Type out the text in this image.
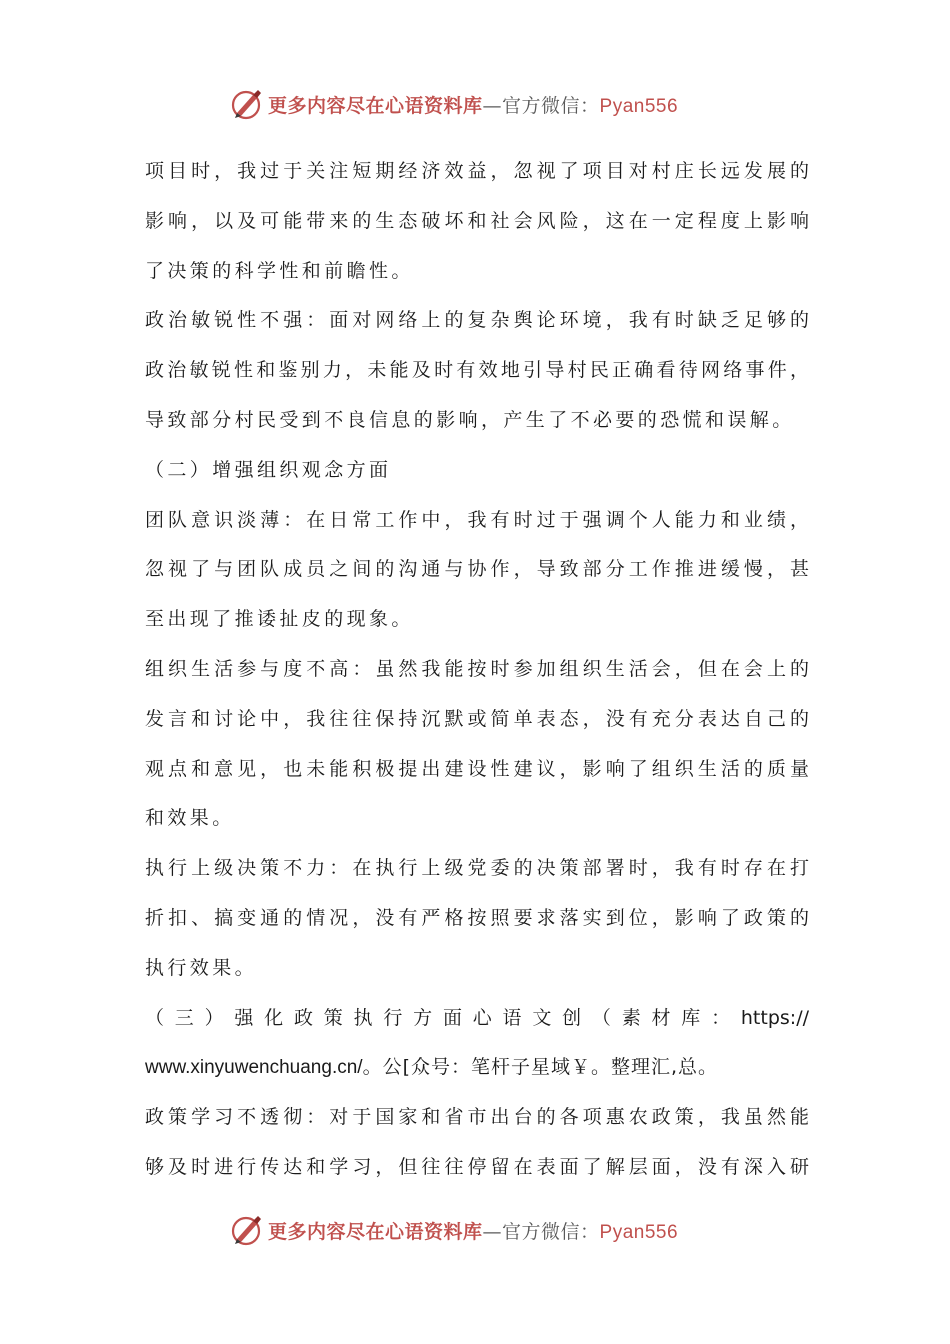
更多内容尽在心语资料库—官方微信：Pyan556
项目时，我过于关注短期经济效益，忽视了项目对村庄长远发展的
影响，以及可能带来的生态破坏和社会风险，这在一定程度上影响
了决策的科学性和前瞻性。
政治敏锐性不强：面对网络上的复杂舆论环境，我有时缺乏足够的
政治敏锐性和鉴别力，未能及时有效地引导村民正确看待网络事件，
导致部分村民受到不良信息的影响，产生了不必要的恐慌和误解。
（二）增强组织观念方面
团队意识淡薄：在日常工作中，我有时过于强调个人能力和业绩，
忽视了与团队成员之间的沟通与协作，导致部分工作推进缓慢，甚
至出现了推诿扯皮的现象。
组织生活参与度不高：虽然我能按时参加组织生活会，但在会上的
发言和讨论中，我往往保持沉默或简单表态，没有充分表达自己的
观点和意见，也未能积极提出建设性建议，影响了组织生活的质量
和效果。
执行上级决策不力：在执行上级党委的决策部署时，我有时存在打
折扣、搞变通的情况，没有严格按照要求落实到位，影响了政策的
执行效果。
（三）强化政策执行方面心语文创（素材库：https://
www.xinyuwenchuang.cn/。公[众号：笔杆子星域￥。整理汇,总。
政策学习不透彻：对于国家和省市出台的各项惠农政策，我虽然能
够及时进行传达和学习，但往往停留在表面了解层面，没有深入研
更多内容尽在心语资料库—官方微信：Pyan556
